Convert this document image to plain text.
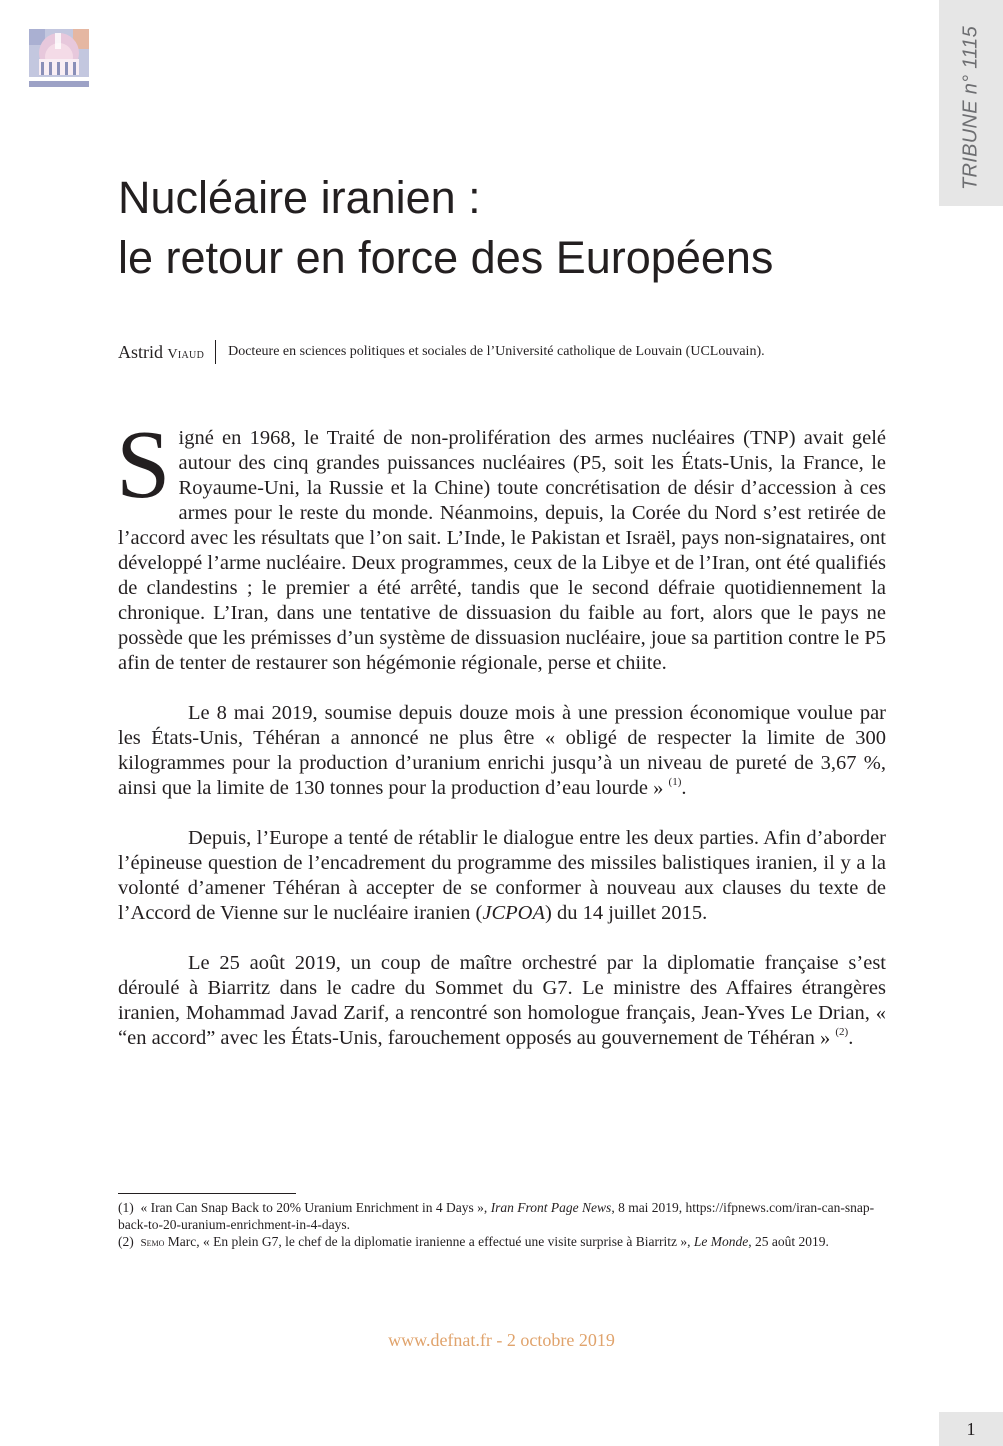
TRIBUNE n° 1115
Nucléaire iranien :
le retour en force des Européens
Astrid Viaud Docteure en sciences politiques et sociales de l’Université catholique de Louvain (UCLouvain).

Signé en 1968, le Traité de non-prolifération des armes nucléaires (TNP) avait gelé autour des cinq grandes puissances nucléaires (P5, soit les États-Unis, la France, le Royaume-Uni, la Russie et la Chine) toute concrétisation de désir d’accession à ces armes pour le reste du monde. Néanmoins, depuis, la Corée du Nord s’est retirée de l’accord avec les résultats que l’on sait. L’Inde, le Pakistan et Israël, pays non-signataires, ont développé l’arme nucléaire. Deux programmes, ceux de la Libye et de l’Iran, ont été qualifiés de clandestins ; le premier a été arrêté, tandis que le second défraie quotidiennement la chronique. L’Iran, dans une tentative de dissuasion du faible au fort, alors que le pays ne possède que les prémisses d’un système de dissuasion nucléaire, joue sa partition contre le P5 afin de tenter de restaurer son hégémonie régionale, perse et chiite.

Le 8 mai 2019, soumise depuis douze mois à une pression économique voulue par les États-Unis, Téhéran a annoncé ne plus être « obligé de respecter la limite de 300 kilogrammes pour la production d’uranium enrichi jusqu’à un niveau de pureté de 3,67 %, ainsi que la limite de 130 tonnes pour la production d’eau lourde » $^{(1)}$.

Depuis, l’Europe a tenté de rétablir le dialogue entre les deux parties. Afin d’aborder l’épineuse question de l’encadrement du programme des missiles balistiques iranien, il y a la volonté d’amener Téhéran à accepter de se conformer à nouveau aux clauses du texte de l’Accord de Vienne sur le nucléaire iranien (JCPOA) du 14 juillet 2015.

Le 25 août 2019, un coup de maître orchestré par la diplomatie française s’est déroulé à Biarritz dans le cadre du Sommet du G7. Le ministre des Affaires étrangères iranien, Mohammad Javad Zarif, a rencontré son homologue français, Jean-Yves Le Drian, « “en accord” avec les États-Unis, farouchement opposés au gouvernement de Téhéran » $^{(2)}$.

(1) « Iran Can Snap Back to 20% Uranium Enrichment in 4 Days », Iran Front Page News, 8 mai 2019, https://ifpnews.com/iran-can-snap-back-to-20-uranium-enrichment-in-4-days.
(2) Semo Marc, « En plein G7, le chef de la diplomatie iranienne a effectué une visite surprise à Biarritz », Le Monde, 25 août 2019.
www.defnat.fr - 2 octobre 2019
1
